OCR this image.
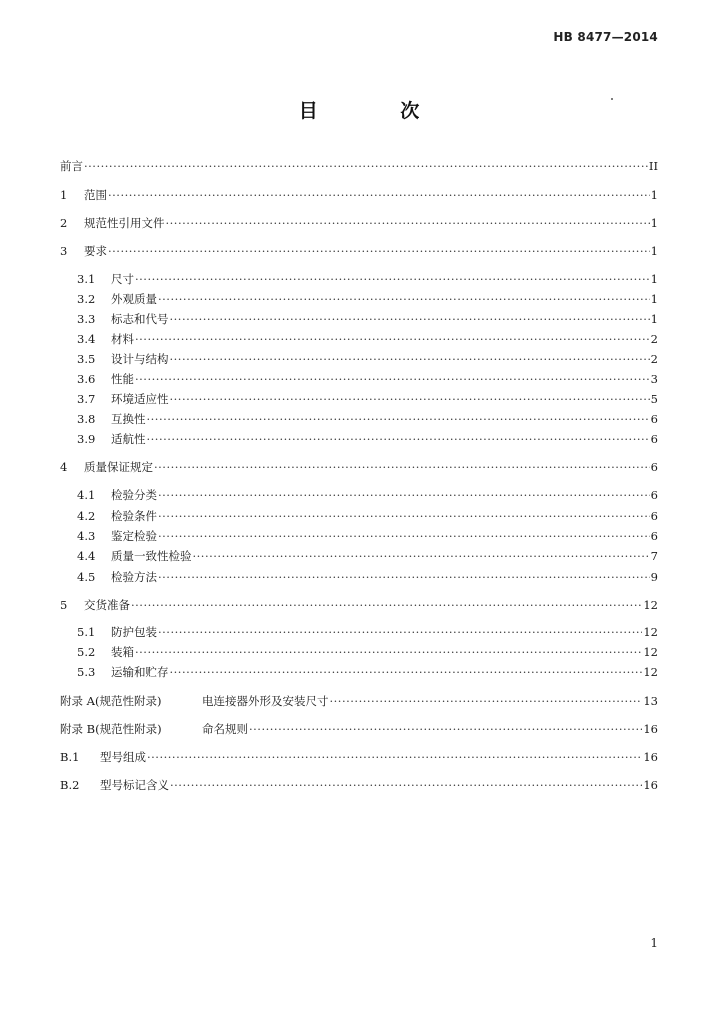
HB 8477—2014
目 次
前言 ·····	II
1	范围 ·····	1
2	规范性引用文件 ·····	1
3	要求 ·····	1
3.1	尺寸 ·····	1
3.2	外观质量 ·····	1
3.3	标志和代号 ·····	1
3.4	材料 ·····	2
3.5	设计与结构 ·····	2
3.6	性能 ·····	3
3.7	环境适应性 ·····	5
3.8	互换性 ·····	6
3.9	适航性 ·····	6
4	质量保证规定 ·····	6
4.1	检验分类 ·····	6
4.2	检验条件 ·····	6
4.3	鉴定检验 ·····	6
4.4	质量一致性检验 ·····	7
4.5	检验方法 ·····	9
5	交货准备 ·····	12
5.1	防护包装 ·····	12
5.2	装箱 ·····	12
5.3	运输和贮存 ·····	12
附录 A(规范性附录)	电连接器外形及安装尺寸 ·····	13
附录 B(规范性附录)	命名规则 ·····	16
B.1	型号组成 ·····	16
B.2	型号标记含义 ·····	16
1
